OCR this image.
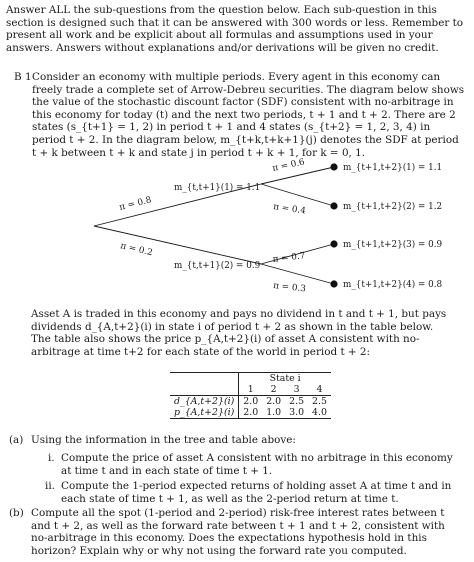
Answer ALL the sub-questions from the question below. Each sub-question in this section is designed such that it can be answered with 300 words or less. Remember to present all work and be explicit about all formulas and assumptions used in your answers. Answers without explanations and/or derivations will be given no credit.

B 1 Consider an economy with multiple periods. Every agent in this economy can freely trade a complete set of Arrow-Debreu securities. The diagram below shows the value of the stochastic discount factor (SDF) consistent with no-arbitrage in this economy for today (t) and the next two periods, t + 1 and t + 2. There are 2 states (s_{t+1} = 1, 2) in period t + 1 and 4 states (s_{t+2} = 1, 2, 3, 4) in period t + 2. In the diagram below, m_{t+k,t+k+1}(j) denotes the SDF at period t + k between t + k and state j in period t + k + 1, for k = 0, 1.
π = 0.8
π = 0.2
m_{t,t+1}(1) = 1.1
m_{t,t+1}(2) = 0.9
π = 0.6
π = 0.4
π = 0.7
π = 0.3
m_{t+1,t+2}(1) = 1.1
m_{t+1,t+2}(2) = 1.2
m_{t+1,t+2}(3) = 0.9
m_{t+1,t+2}(4) = 0.8

Asset A is traded in this economy and pays no dividend in t and t + 1, but pays dividends d_{A,t+2}(i) in state i of period t + 2 as shown in the table below. The table also shows the price p_{A,t+2}(i) of asset A consistent with no-arbitrage at time t+2 for each state of the world in period t + 2:

	State i			
	1	2	3	4
d_{A,t+2}(i)	2.0	2.0	2.5	2.5
p_{A,t+2}(i)	2.0	1.0	3.0	4.0
(a) Using the information in the tree and table above:
i. Compute the price of asset A consistent with no arbitrage in this economy at time t and in each state of time t + 1.
ii. Compute the 1-period expected returns of holding asset A at time t and in each state of time t + 1, as well as the 2-period return at time t.
(b) Compute all the spot (1-period and 2-period) risk-free interest rates between t and t + 2, as well as the forward rate between t + 1 and t + 2, consistent with no-arbitrage in this economy. Does the expectations hypothesis hold in this horizon? Explain why or why not using the forward rate you computed.
